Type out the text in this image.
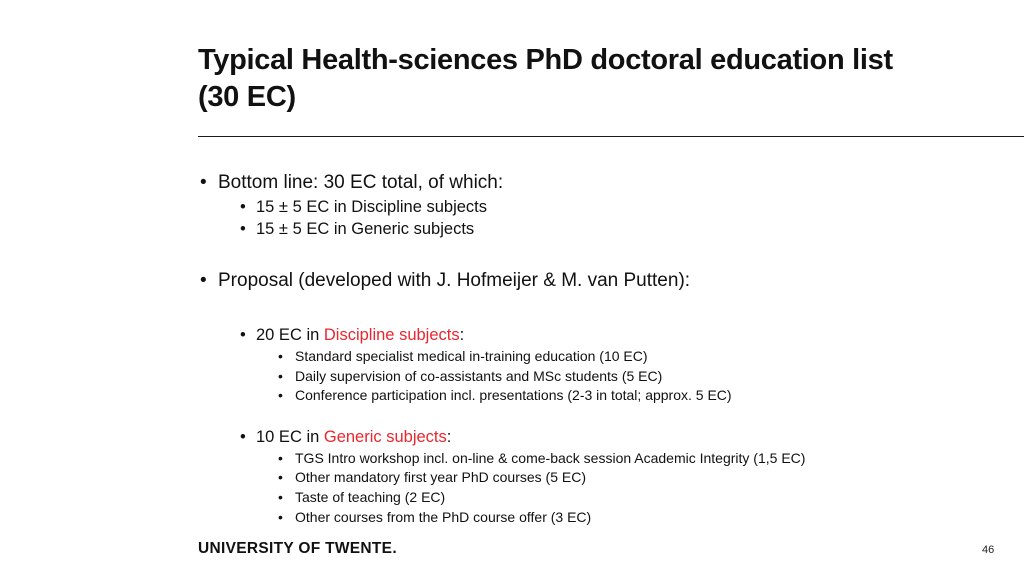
Typical Health-sciences PhD doctoral education list (30 EC)
• Bottom line: 30 EC total, of which:
• 15 ± 5 EC in Discipline subjects
• 15 ± 5 EC in Generic subjects
• Proposal (developed with J. Hofmeijer & M. van Putten):
• 20 EC in Discipline subjects:
• Standard specialist medical in-training education (10 EC)
• Daily supervision of co-assistants and MSc students (5 EC)
• Conference participation incl. presentations (2-3 in total; approx. 5 EC)
• 10 EC in Generic subjects:
• TGS Intro workshop incl. on-line & come-back session Academic Integrity (1,5 EC)
• Other mandatory first year PhD courses (5 EC)
• Taste of teaching (2 EC)
• Other courses from the PhD course offer (3 EC)
UNIVERSITY OF TWENTE.	46
